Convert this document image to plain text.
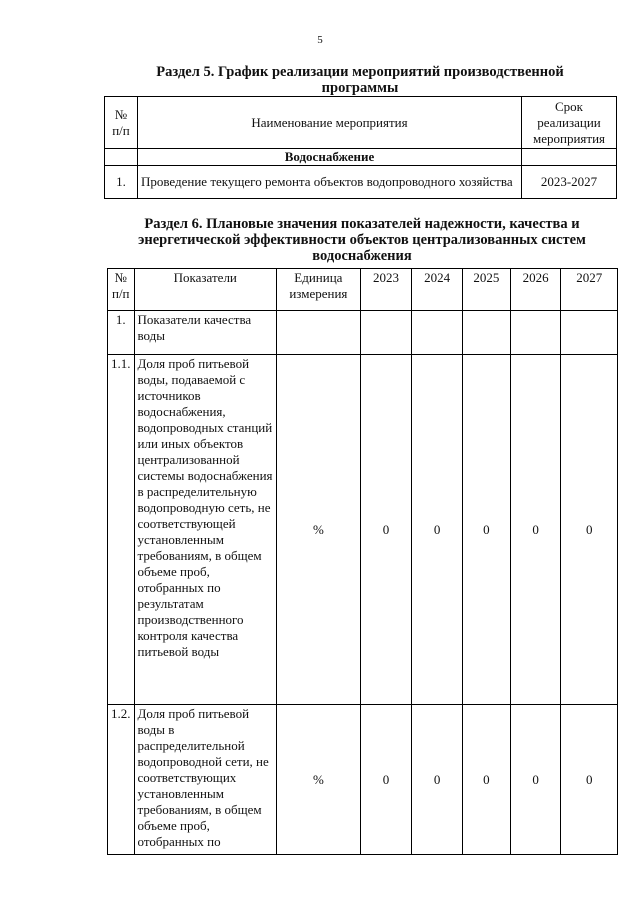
5
Раздел 5. График реализации мероприятий производственной
программы
№ п/п	Наименование мероприятия	Срок реализации мероприятия
	Водоснабжение	
1.	Проведение текущего ремонта объектов водопроводного хозяйства	2023-2027
Раздел 6. Плановые значения показателей надежности, качества и
энергетической эффективности объектов централизованных систем
водоснабжения
№ п/п	Показатели	Единица измерения	2023	2024	2025	2026	2027
1.	Показатели качества воды						
1.1.	Доля проб питьевой воды, подаваемой с источников водоснабжения, водопроводных станций или иных объектов централизованной системы водоснабжения в распределительную водопроводную сеть, не соответствующей установленным требованиям, в общем объеме проб, отобранных по результатам производственного контроля качества питьевой воды	%	0	0	0	0	0
1.2.	Доля проб питьевой воды в распределительной водопроводной сети, не соответствующих установленным требованиям, в общем объеме проб, отобранных по	%	0	0	0	0	0
